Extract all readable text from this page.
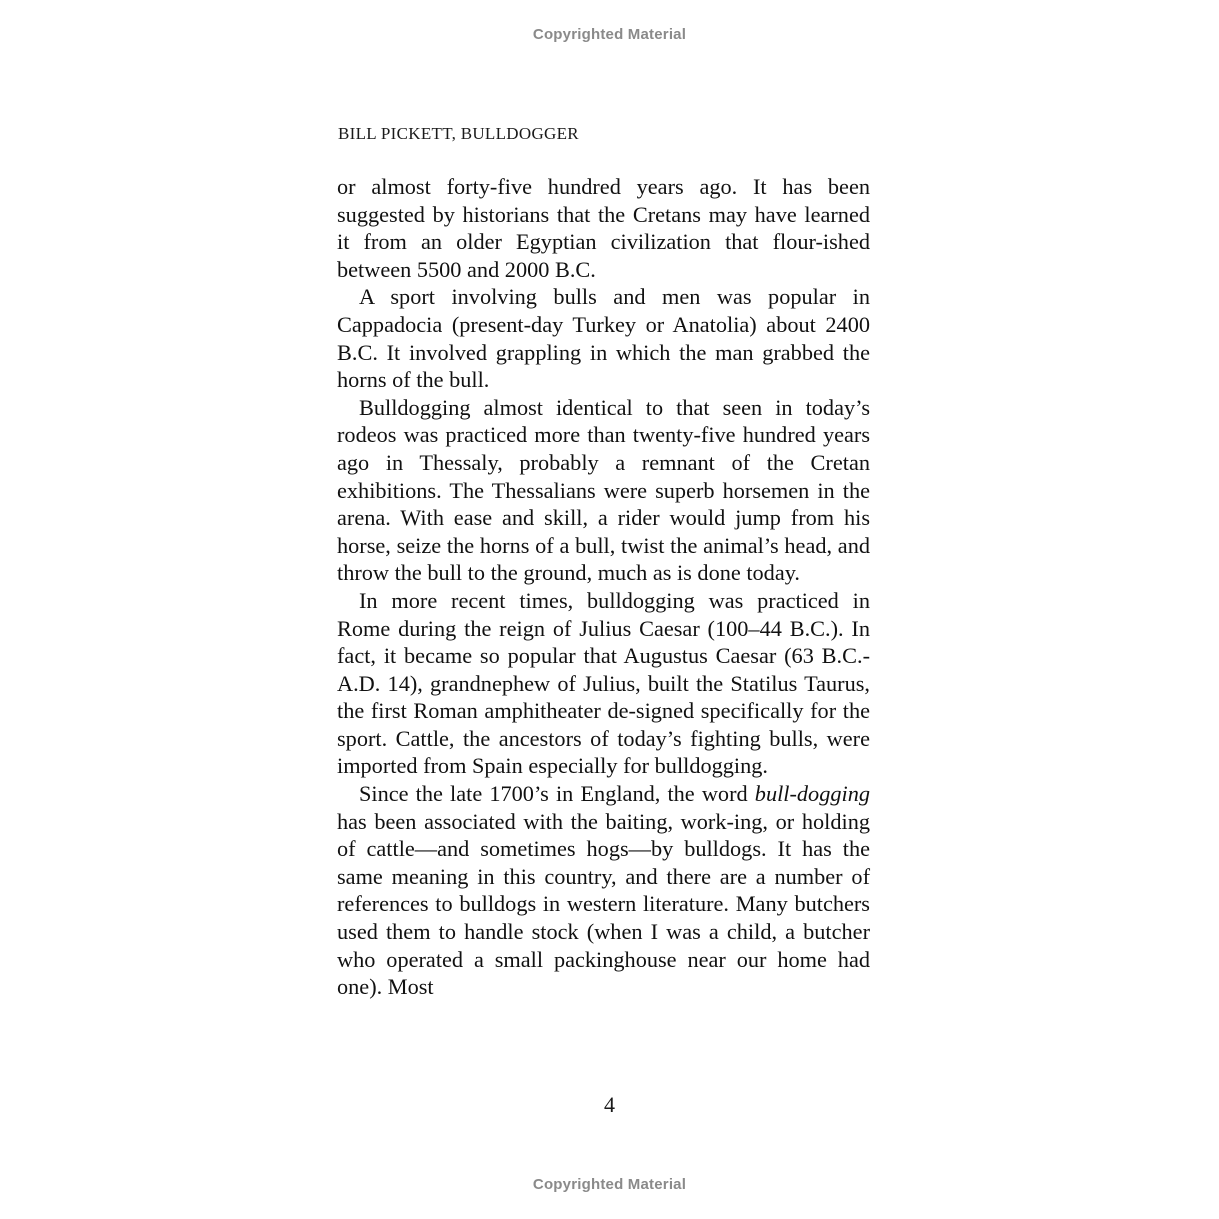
Copyrighted Material
BILL PICKETT, BULLDOGGER

or almost forty-five hundred years ago. It has been suggested by historians that the Cretans may have learned it from an older Egyptian civilization that flour-ished between 5500 and 2000 B.C.

A sport involving bulls and men was popular in Cappadocia (present-day Turkey or Anatolia) about 2400 B.C. It involved grappling in which the man grabbed the horns of the bull.

Bulldogging almost identical to that seen in today’s rodeos was practiced more than twenty-five hundred years ago in Thessaly, probably a remnant of the Cretan exhibitions. The Thessalians were superb horsemen in the arena. With ease and skill, a rider would jump from his horse, seize the horns of a bull, twist the animal’s head, and throw the bull to the ground, much as is done today.

In more recent times, bulldogging was practiced in Rome during the reign of Julius Caesar (100–44 B.C.). In fact, it became so popular that Augustus Caesar (63 B.C.-A.D. 14), grandnephew of Julius, built the Statilus Taurus, the first Roman amphitheater de-signed specifically for the sport. Cattle, the ancestors of today’s fighting bulls, were imported from Spain especially for bulldogging.

Since the late 1700’s in England, the word bull-dogging has been associated with the baiting, work-ing, or holding of cattle—and sometimes hogs—by bulldogs. It has the same meaning in this country, and there are a number of references to bulldogs in western literature. Many butchers used them to handle stock (when I was a child, a butcher who operated a small packinghouse near our home had one). Most

4
Copyrighted Material
